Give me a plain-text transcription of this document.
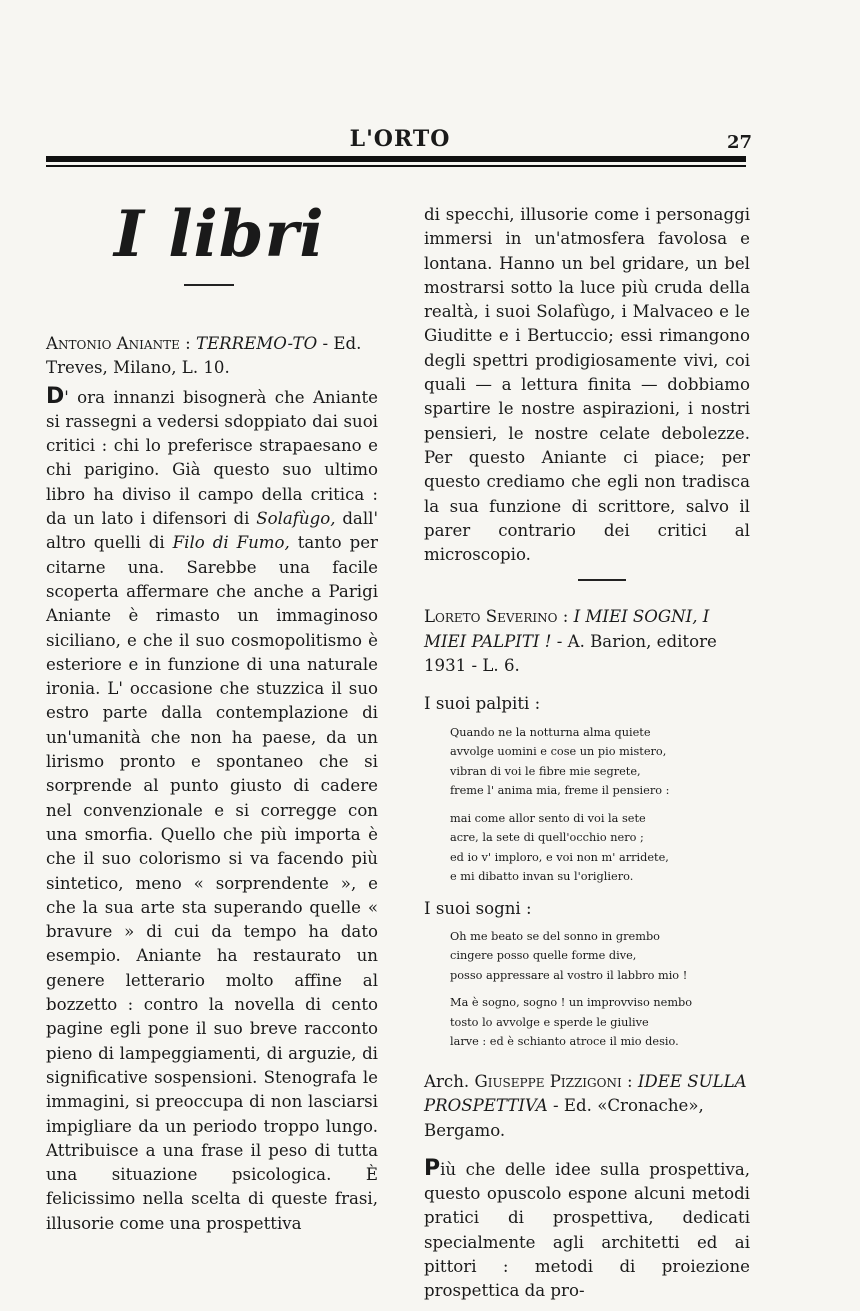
L'ORTO	27
I libri

Antonio Aniante : TERREMO-TO - Ed. Treves, Milano, L. 10.

D' ora innanzi bisognerà che Aniante si rassegni a vedersi sdoppiato dai suoi critici : chi lo preferisce strapaesano e chi parigino. Già questo suo ultimo libro ha diviso il campo della critica : da un lato i difensori di Solafùgo, dall' altro quelli di Filo di Fumo, tanto per citarne una. Sarebbe una facile scoperta affermare che anche a Parigi Aniante è rimasto un immaginoso siciliano, e che il suo cosmopolitismo è esteriore e in funzione di una naturale ironia. L' occasione che stuzzica il suo estro parte dalla contemplazione di un'umanità che non ha paese, da un lirismo pronto e spontaneo che si sorprende al punto giusto di cadere nel convenzionale e si corregge con una smorfia. Quello che più importa è che il suo colorismo si va facendo più sintetico, meno « sorprendente », e che la sua arte sta superando quelle « bravure » di cui da tempo ha dato esempio. Aniante ha restaurato un genere letterario molto affine al bozzetto : contro la novella di cento pagine egli pone il suo breve racconto pieno di lampeggiamenti, di arguzie, di significative sospensioni. Stenografa le immagini, si preoccupa di non lasciarsi impigliare da un periodo troppo lungo. Attribuisce a una frase il peso di tutta una situazione psicologica. È felicissimo nella scelta di queste frasi, illusorie come una prospettiva

di specchi, illusorie come i personaggi immersi in un'atmosfera favolosa e lontana. Hanno un bel gridare, un bel mostrarsi sotto la luce più cruda della realtà, i suoi Solafùgo, i Malvaceo e le Giuditte e i Bertuccio; essi rimangono degli spettri prodigiosamente vivi, coi quali — a lettura finita — dobbiamo spartire le nostre aspirazioni, i nostri pensieri, le nostre celate debolezze. Per questo Aniante ci piace; per questo crediamo che egli non tradisca la sua funzione di scrittore, salvo il parer contrario dei critici al microscopio.

Loreto Severino : I MIEI SOGNI, I MIEI PALPITI ! - A. Barion, editore 1931 - L. 6.

I suoi palpiti :
Quando ne la notturna alma quiete
avvolge uomini e cose un pio mistero,
vibran di voi le fibre mie segrete,
freme l' anima mia, freme il pensiero :
mai come allor sento di voi la sete
acre, la sete di quell'occhio nero ;
ed io v' imploro, e voi non m' arridete,
e mi dibatto invan su l'origliero.
I suoi sogni :
Oh me beato se del sonno in grembo
cingere posso quelle forme dive,
posso appressare al vostro il labbro mio !
Ma è sogno, sogno ! un improvviso nembo
tosto lo avvolge e sperde le giulive
larve : ed è schianto atroce il mio desio.

Arch. Giuseppe Pizzigoni : IDEE SULLA PROSPETTIVA - Ed. «Cronache», Bergamo.

Più che delle idee sulla prospettiva, questo opuscolo espone alcuni metodi pratici di prospettiva, dedicati specialmente agli architetti ed ai pittori : metodi di proiezione prospettica da pro-
